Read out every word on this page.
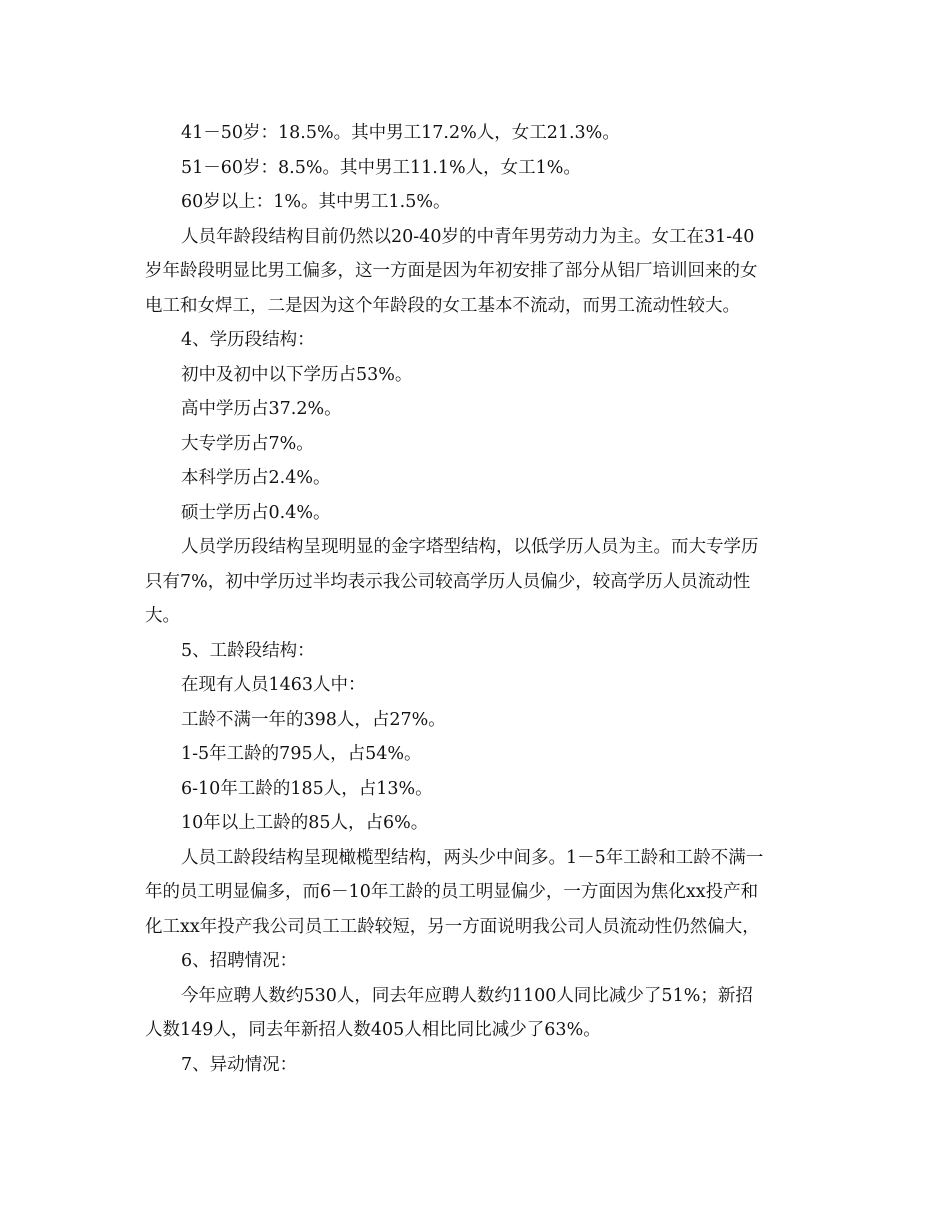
41－50岁：18.5%。其中男工17.2%人，女工21.3%。
51－60岁：8.5%。其中男工11.1%人，女工1%。
60岁以上：1%。其中男工1.5%。
人员年龄段结构目前仍然以20-40岁的中青年男劳动力为主。女工在31-40
岁年龄段明显比男工偏多，这一方面是因为年初安排了部分从铝厂培训回来的女
电工和女焊工，二是因为这个年龄段的女工基本不流动，而男工流动性较大。
4、学历段结构：
初中及初中以下学历占53%。
高中学历占37.2%。
大专学历占7%。
本科学历占2.4%。
硕士学历占0.4%。
人员学历段结构呈现明显的金字塔型结构，以低学历人员为主。而大专学历
只有7%，初中学历过半均表示我公司较高学历人员偏少，较高学历人员流动性
大。
5、工龄段结构：
在现有人员1463人中：
工龄不满一年的398人，占27%。
1-5年工龄的795人，占54%。
6-10年工龄的185人，占13%。
10年以上工龄的85人，占6%。
人员工龄段结构呈现橄榄型结构，两头少中间多。1－5年工龄和工龄不满一
年的员工明显偏多，而6－10年工龄的员工明显偏少，一方面因为焦化xx投产和
化工xx年投产我公司员工工龄较短，另一方面说明我公司人员流动性仍然偏大，
6、招聘情况：
今年应聘人数约530人，同去年应聘人数约1100人同比减少了51%；新招
人数149人，同去年新招人数405人相比同比减少了63%。
7、异动情况：
